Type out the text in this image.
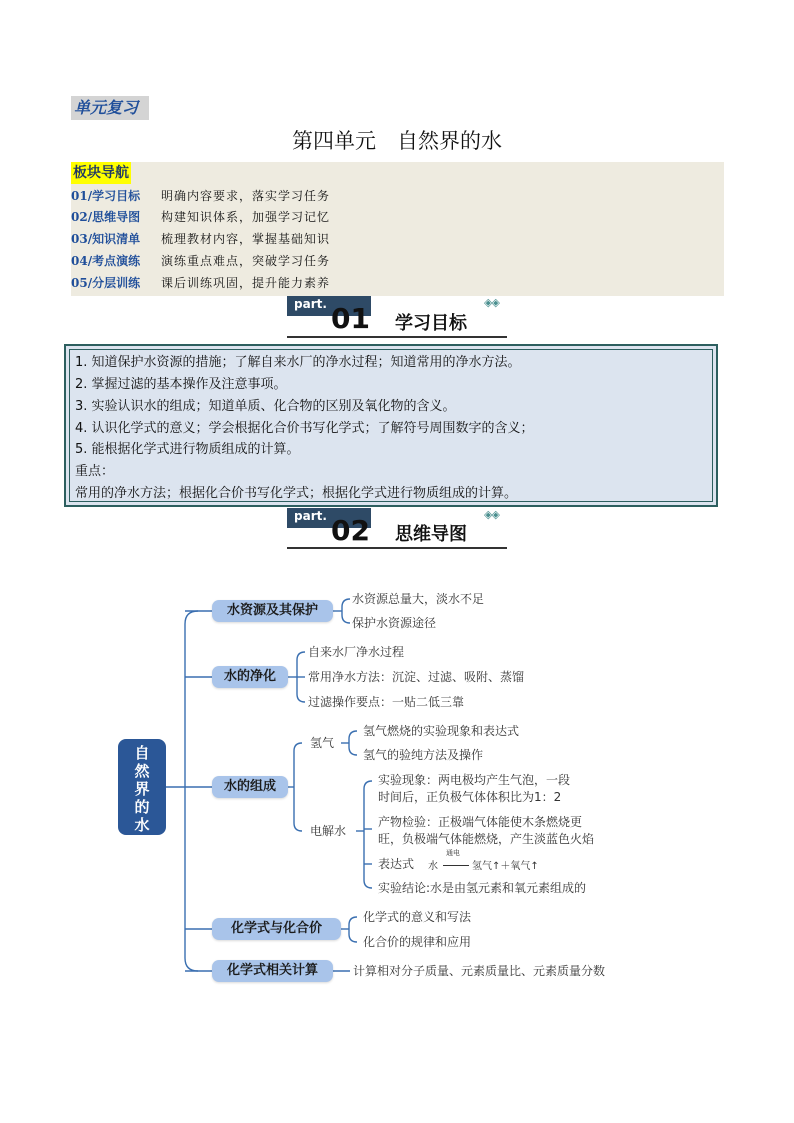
单元复习
第四单元　自然界的水
板块导航
01/学习目标 明确内容要求，落实学习任务
02/思维导图 构建知识体系，加强学习记忆
03/知识清单 梳理教材内容，掌握基础知识
04/考点演练 演练重点难点，突破学习任务
05/分层训练 课后训练巩固，提升能力素养
part. 01 学习目标
◈◈
1. 知道保护水资源的措施；了解自来水厂的净水过程；知道常用的净水方法。
2. 掌握过滤的基本操作及注意事项。
3. 实验认识水的组成；知道单质、化合物的区别及氧化物的含义。
4. 认识化学式的意义；学会根据化合价书写化学式；了解符号周围数字的含义；
5. 能根据化学式进行物质组成的计算。
重点：
常用的净水方法；根据化合价书写化学式；根据化学式进行物质组成的计算。
part. 02 思维导图
◈◈
自然界的水
水资源及其保护
水的净化
水的组成
化学式与化合价
化学式相关计算
水资源总量大，淡水不足
保护水资源途径
自来水厂净水过程
常用净水方法：沉淀、过滤、吸附、蒸馏
过滤操作要点：一贴二低三靠
氢气
氢气燃烧的实验现象和表达式
氢气的验纯方法及操作
电解水
实验现象：两电极均产生气泡，一段
时间后，正负极气体体积比为1：2
产物检验：正极端气体能使木条燃烧更
旺，负极端气体能燃烧，产生淡蓝色火焰
表达式 水
通电
氢气↑＋氧气↑
实验结论:水是由氢元素和氧元素组成的
化学式的意义和写法
化合价的规律和应用
计算相对分子质量、元素质量比、元素质量分数
